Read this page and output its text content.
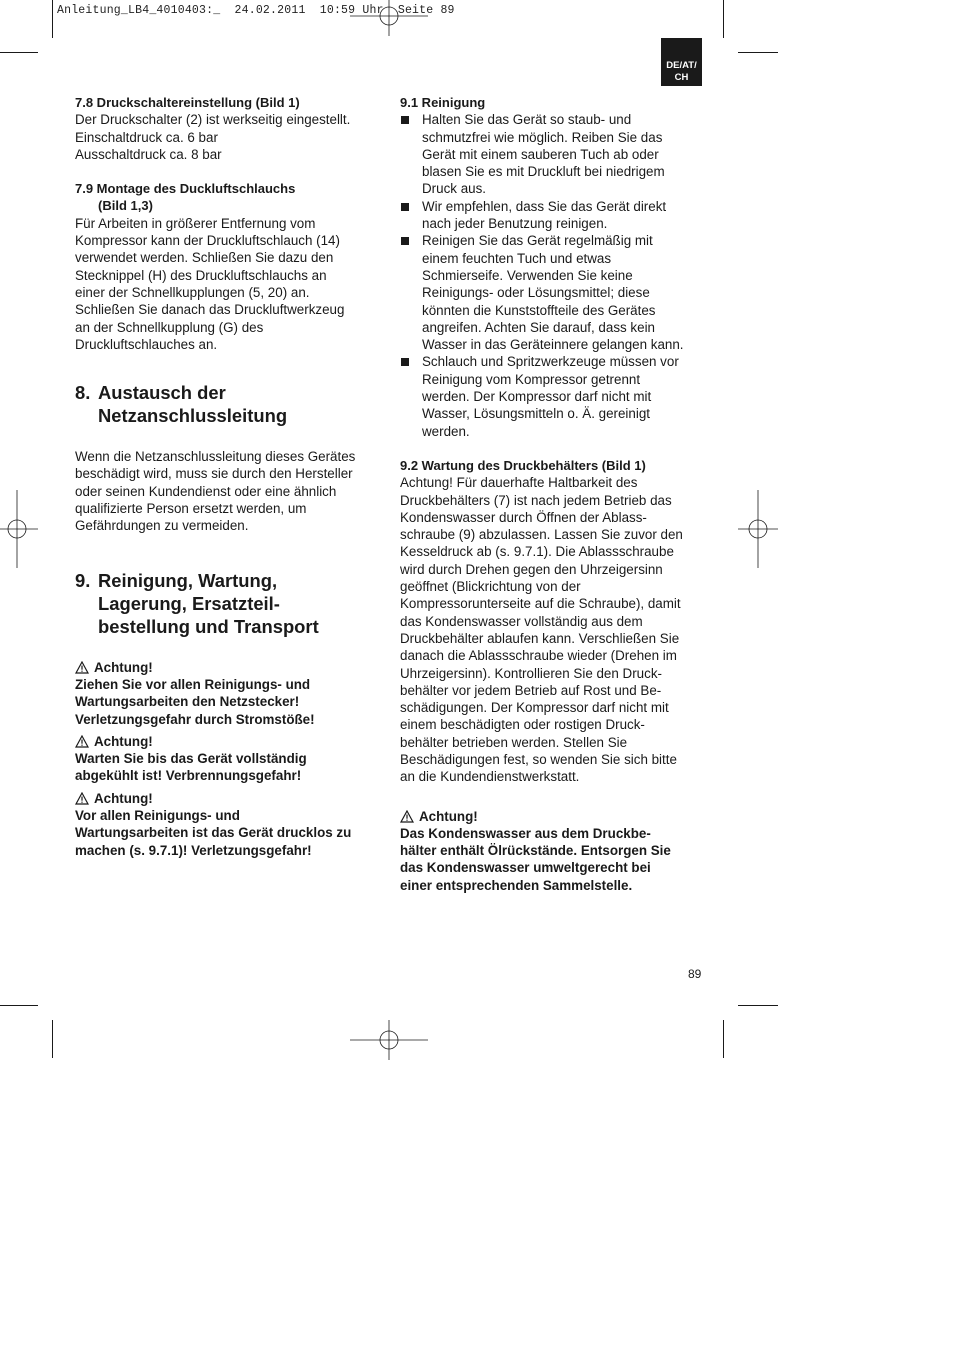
Anleitung_LB4_4010403:_  24.02.2011  10:59 Uhr  Seite 89
DE/AT/
CH

7.8 Druckschaltereinstellung (Bild 1)

Der Druckschalter (2) ist werkseitig eingestellt.

Einschaltdruck ca. 6 bar

Ausschaltdruck ca. 8 bar

7.9 Montage des Duckluftschlauchs
(Bild 1,3)

Für Arbeiten in größerer Entfernung vom

Kompressor kann der Druckluftschlauch (14)

verwendet werden. Schließen Sie dazu den

Stecknippel (H) des Druckluftschlauchs an

einer der Schnellkupplungen (5, 20) an.

Schließen Sie danach das Druckluftwerkzeug

an der Schnellkupplung (G) des

Druckluftschlauches an.

8. Austausch der
Netzanschlussleitung

Wenn die Netzanschlussleitung dieses Gerätes

beschädigt wird, muss sie durch den Hersteller

oder seinen Kundendienst oder eine ähnlich

qualifizierte Person ersetzt werden, um

Gefährdungen zu vermeiden.

9. Reinigung, Wartung,
Lagerung, Ersatzteil-
bestellung und Transport

Achtung!

Ziehen Sie vor allen Reinigungs- und

Wartungsarbeiten den Netzstecker!

Verletzungsgefahr durch Stromstöße!

Achtung!

Warten Sie bis das Gerät vollständig

abgekühlt ist! Verbrennungsgefahr!

Achtung!

Vor allen Reinigungs- und

Wartungsarbeiten ist das Gerät drucklos zu

machen (s. 9.7.1)! Verletzungsgefahr!

9.1 Reinigung

Halten Sie das Gerät so staub- und
schmutzfrei wie möglich. Reiben Sie das
Gerät mit einem sauberen Tuch ab oder
blasen Sie es mit Druckluft bei niedrigem
Druck aus.
Wir empfehlen, dass Sie das Gerät direkt
nach jeder Benutzung reinigen.
Reinigen Sie das Gerät regelmäßig mit
einem feuchten Tuch und etwas
Schmierseife. Verwenden Sie keine
Reinigungs- oder Lösungsmittel; diese
könnten die Kunststoffteile des Gerätes
angreifen. Achten Sie darauf, dass kein
Wasser in das Geräteinnere gelangen kann.
Schlauch und Spritzwerkzeuge müssen vor
Reinigung vom Kompressor getrennt
werden. Der Kompressor darf nicht mit
Wasser, Lösungsmitteln o. Ä. gereinigt
werden.

9.2 Wartung des Druckbehälters (Bild 1)

Achtung! Für dauerhafte Haltbarkeit des

Druckbehälters (7) ist nach jedem Betrieb das

Kondenswasser durch Öffnen der Ablass-

schraube (9) abzulassen. Lassen Sie zuvor den

Kesseldruck ab (s. 9.7.1). Die Ablassschraube

wird durch Drehen gegen den Uhrzeigersinn

geöffnet (Blickrichtung von der

Kompressorunterseite auf die Schraube), damit

das Kondenswasser vollständig aus dem

Druckbehälter ablaufen kann. Verschließen Sie

danach die Ablassschraube wieder (Drehen im

Uhrzeigersinn). Kontrollieren Sie den Druck-

behälter vor jedem Betrieb auf Rost und Be-

schädigungen. Der Kompressor darf nicht mit

einem beschädigten oder rostigen Druck-

behälter betrieben werden. Stellen Sie

Beschädigungen fest, so wenden Sie sich bitte

an die Kundendienstwerkstatt.

Achtung!

Das Kondenswasser aus dem Druckbe-

hälter enthält Ölrückstände. Entsorgen Sie

das Kondenswasser umweltgerecht bei

einer entsprechenden Sammelstelle.

89
